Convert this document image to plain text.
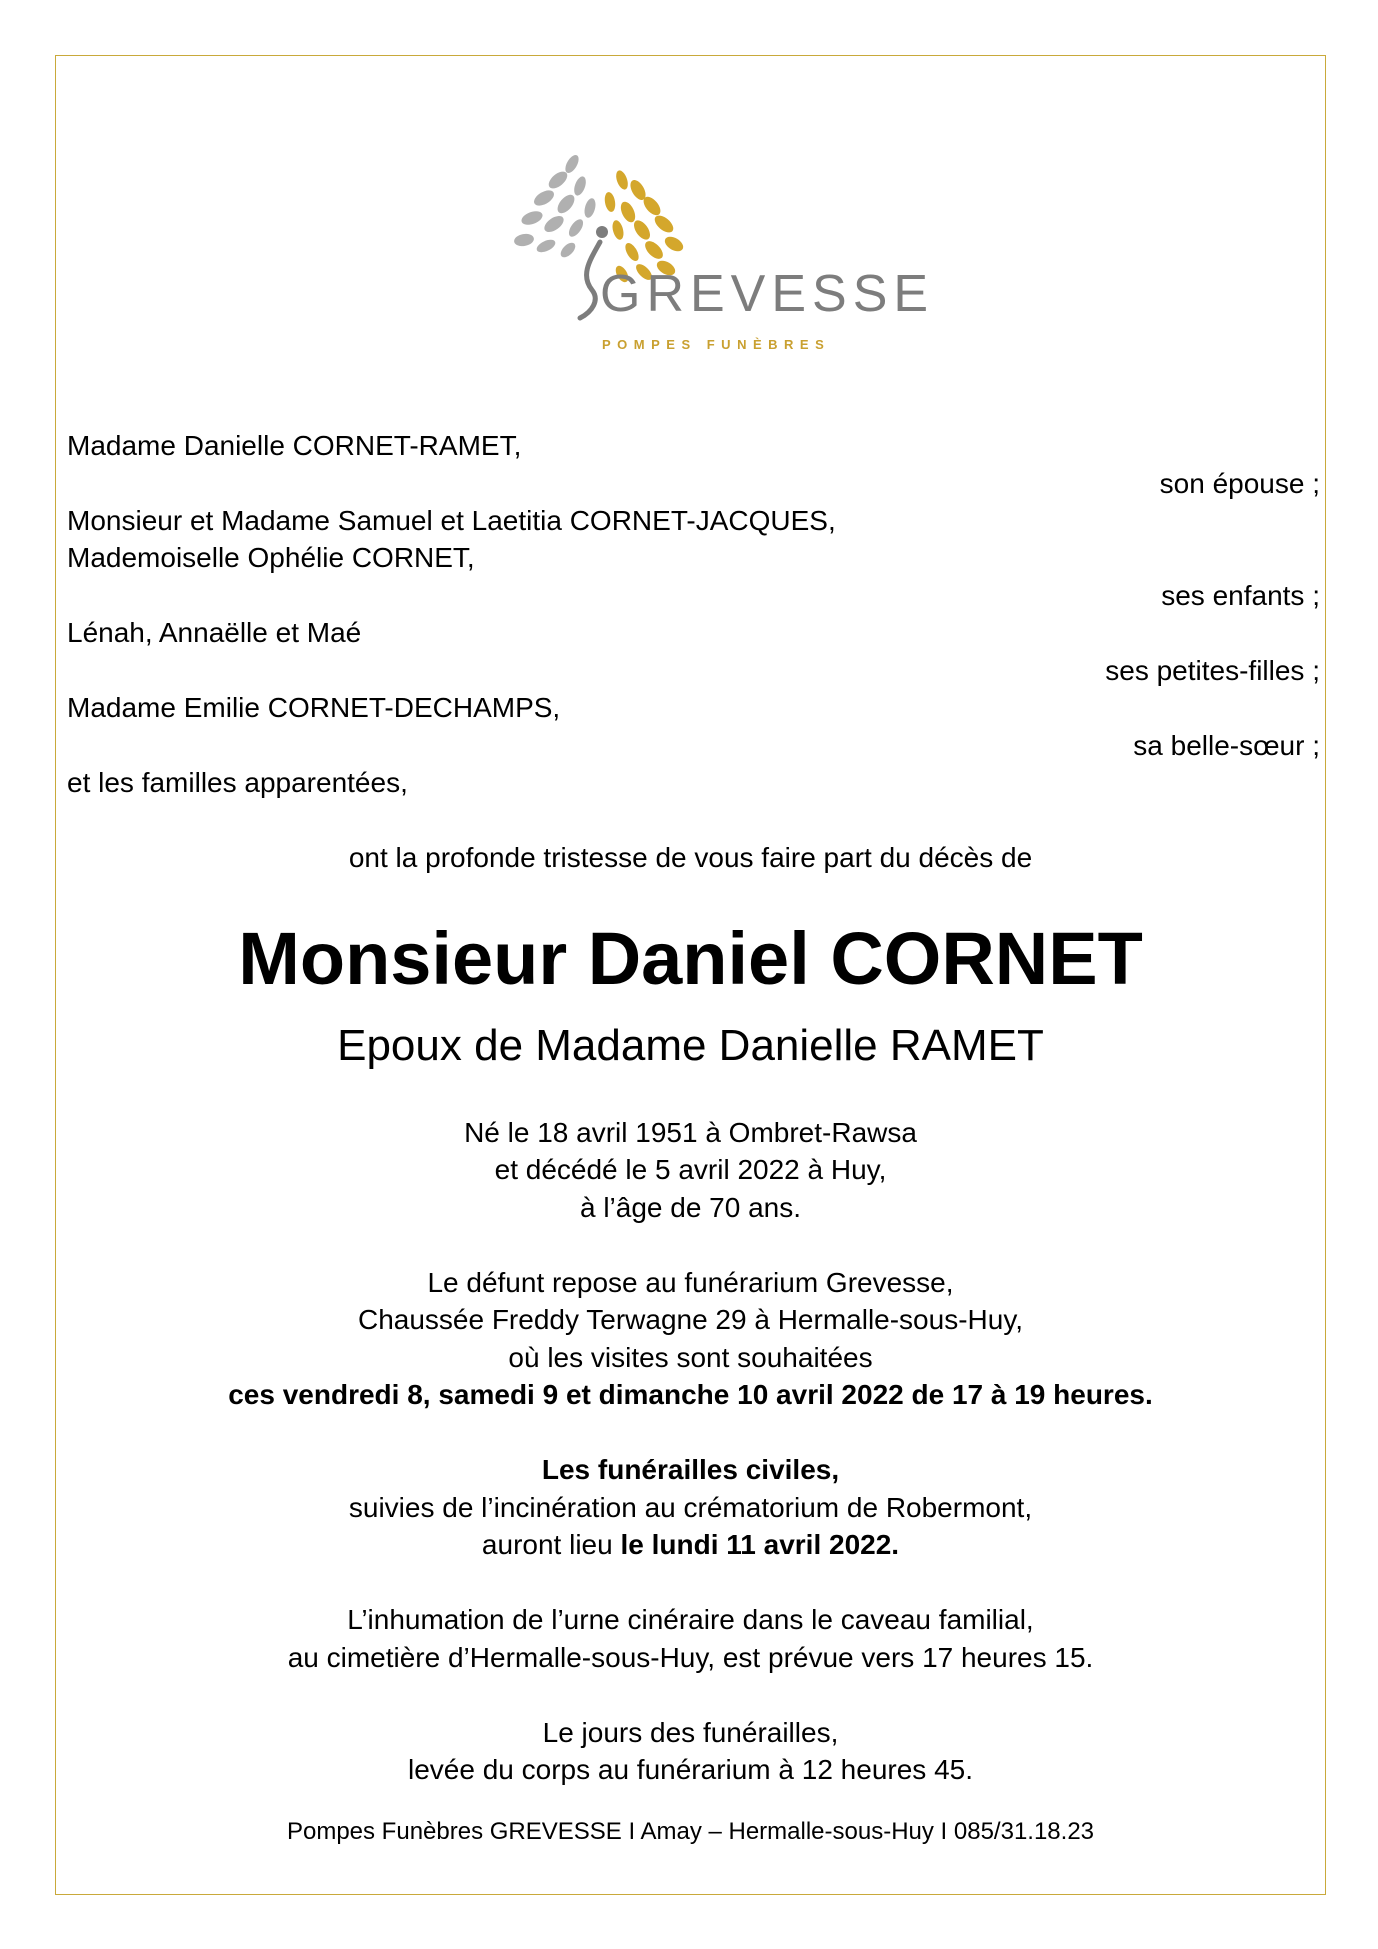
GREVESSE
POMPES FUNÈBRES
Madame Danielle CORNET-RAMET,
son épouse ;
Monsieur et Madame Samuel et Laetitia CORNET-JACQUES,
Mademoiselle Ophélie CORNET,
ses enfants ;
Lénah, Annaëlle et Maé
ses petites-filles ;
Madame Emilie CORNET-DECHAMPS,
sa belle-sœur ;
et les familles apparentées,
ont la profonde tristesse de vous faire part du décès de
Monsieur Daniel CORNET
Epoux de Madame Danielle RAMET
Né le 18 avril 1951 à Ombret-Rawsa
et décédé le 5 avril 2022 à Huy,
à l’âge de 70 ans.
Le défunt repose au funérarium Grevesse,
Chaussée Freddy Terwagne 29 à Hermalle-sous-Huy,
où les visites sont souhaitées
ces vendredi 8, samedi 9 et dimanche 10 avril 2022 de 17 à 19 heures.
Les funérailles civiles,
suivies de l’incinération au crématorium de Robermont,
auront lieu le lundi 11 avril 2022.
L’inhumation de l’urne cinéraire dans le caveau familial,
au cimetière d’Hermalle-sous-Huy, est prévue vers 17 heures 15.
Le jours des funérailles,
levée du corps au funérarium à 12 heures 45.
Pompes Funèbres GREVESSE I Amay – Hermalle-sous-Huy I 085/31.18.23
